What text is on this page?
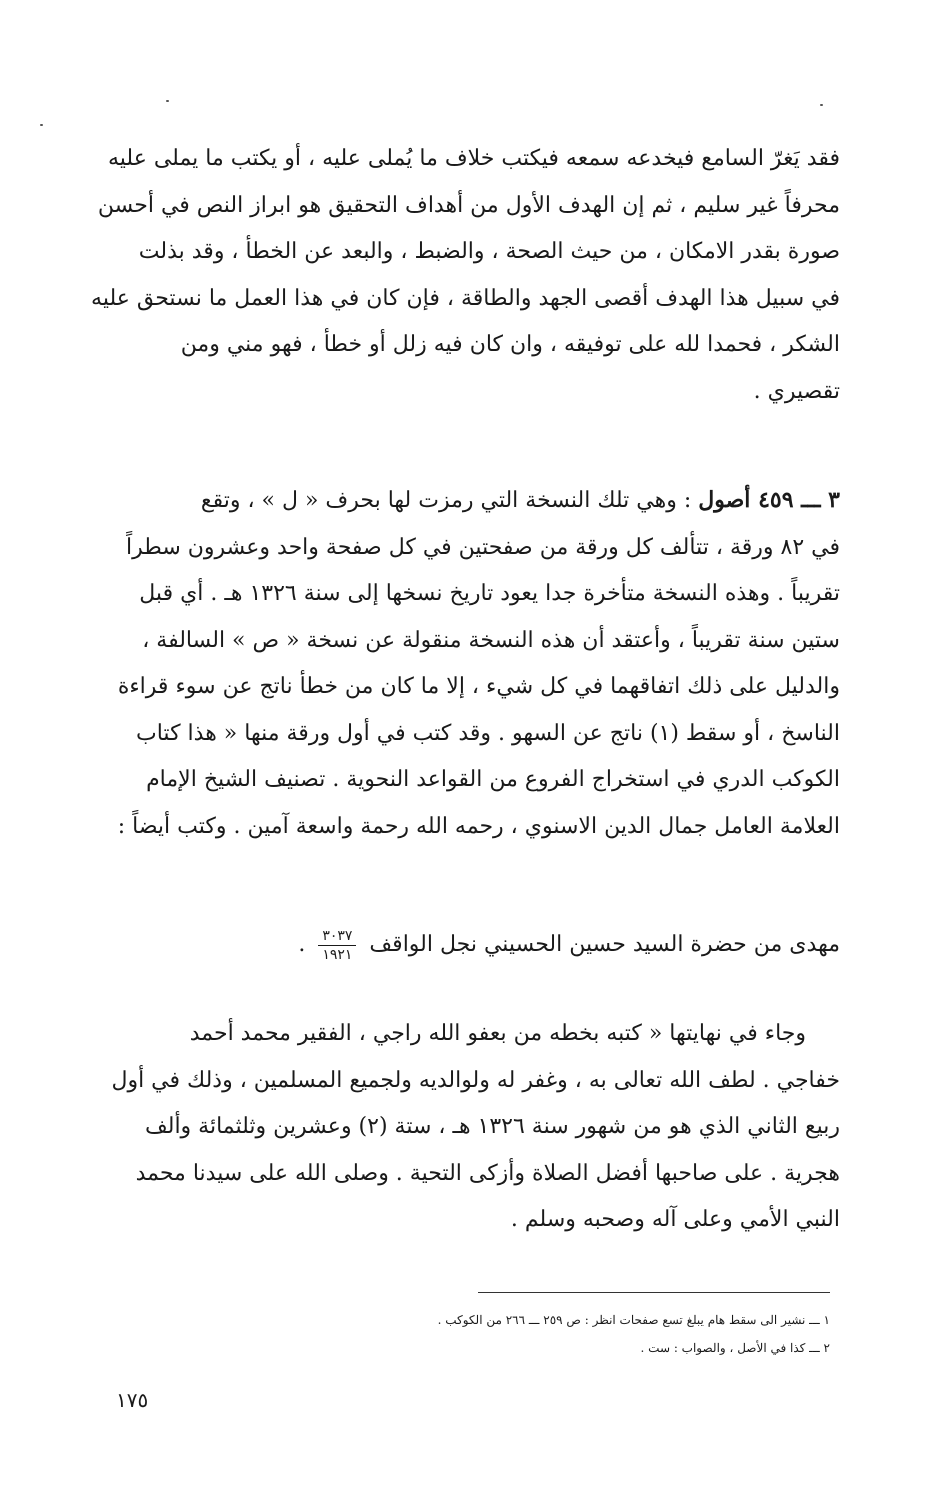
فقد يَغرّ السامع فيخدعه سمعه فيكتب خلاف ما يُملى عليه ، أو يكتب ما يملى عليه
محرفاً غير سليم ، ثم إن الهدف الأول من أهداف التحقيق هو ابراز النص في أحسن
صورة بقدر الامكان ، من حيث الصحة ، والضبط ، والبعد عن الخطأ ، وقد بذلت
في سبيل هذا الهدف أقصى الجهد والطاقة ، فإن كان في هذا العمل ما نستحق عليه
الشكر ، فحمدا لله على توفيقه ، وان كان فيه زلل أو خطأ ، فهو مني ومن
تقصيري .
٣ ـــ ٤٥٩ أصول : وهي تلك النسخة التي رمزت لها بحرف « ل » ، وتقع
في ٨٢ ورقة ، تتألف كل ورقة من صفحتين في كل صفحة واحد وعشرون سطراً
تقريباً . وهذه النسخة متأخرة جدا يعود تاريخ نسخها إلى سنة ١٣٢٦ هـ . أي قبل
ستين سنة تقريباً ، وأعتقد أن هذه النسخة منقولة عن نسخة « ص » السالفة ،
والدليل على ذلك اتفاقهما في كل شيء ، إلا ما كان من خطأ ناتج عن سوء قراءة
الناسخ ، أو سقط (١) ناتج عن السهو . وقد كتب في أول ورقة منها « هذا كتاب
الكوكب الدري في استخراج الفروع من القواعد النحوية . تصنيف الشيخ الإمام
العلامة العامل جمال الدين الاسنوي ، رحمه الله رحمة واسعة آمين . وكتب أيضاً :
مهدى من حضرة السيد حسين الحسيني نجل الواقف
$\frac{٣٠٣٧}{١٩٢١}$
.
وجاء في نهايتها « كتبه بخطه من بعفو الله راجي ، الفقير محمد أحمد
خفاجي . لطف الله تعالى به ، وغفر له ولوالديه ولجميع المسلمين ، وذلك في أول
ربيع الثاني الذي هو من شهور سنة ١٣٢٦ هـ ، ستة (٢) وعشرين وثلثمائة وألف
هجرية . على صاحبها أفضل الصلاة وأزكى التحية . وصلى الله على سيدنا محمد
النبي الأمي وعلى آله وصحبه وسلم .
١ ـــ نشير الى سقط هام يبلغ تسع صفحات انظر : ص ٢٥٩ ـــ ٢٦٦ من الكوكب .
٢ ـــ كذا في الأصل ، والصواب : ست .
١٧٥
